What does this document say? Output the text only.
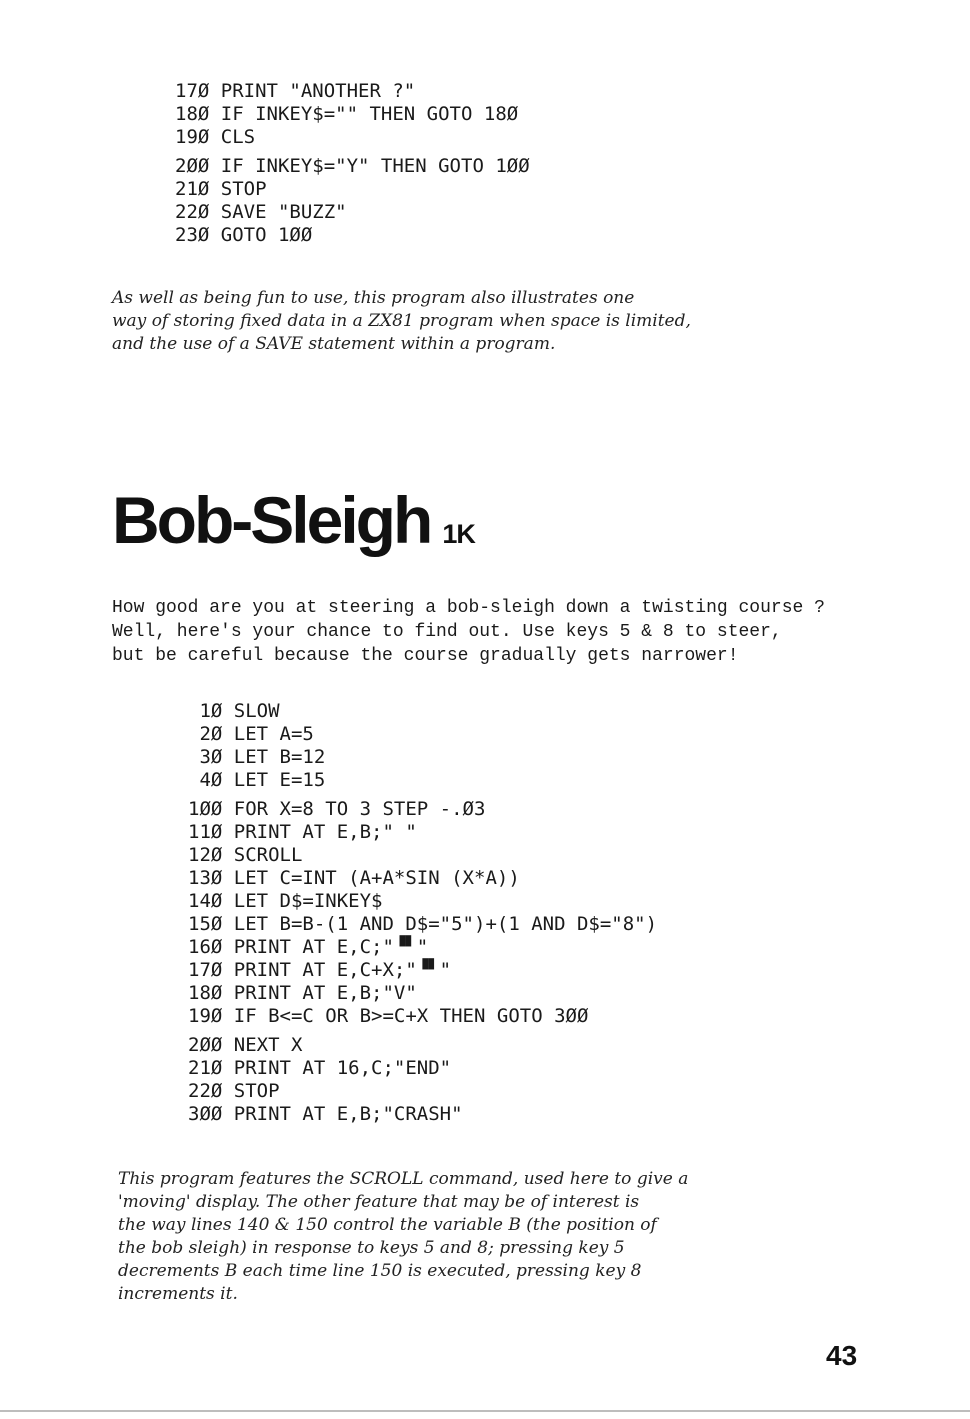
17Ø PRINT "ANOTHER ?"
18Ø IF INKEY$="" THEN GOTO 18Ø
19Ø CLS
2ØØ IF INKEY$="Y" THEN GOTO 1ØØ
21Ø STOP
22Ø SAVE "BUZZ"
23Ø GOTO 1ØØ
As well as being fun to use, this program also illustrates one
way of storing fixed data in a ZX81 program when space is limited,
and the use of a SAVE statement within a program.
Bob-Sleigh 1K
How good are you at steering a bob-sleigh down a twisting course ?
Well, here's your chance to find out. Use keys 5 & 8 to steer,
but be careful because the course gradually gets narrower!
1Ø SLOW
2Ø LET A=5
3Ø LET B=12
4Ø LET E=15
1ØØ FOR X=8 TO 3 STEP -.Ø3
11Ø PRINT AT E,B;" "
12Ø SCROLL
13Ø LET C=INT (A+A*SIN (X*A))
14Ø LET D$=INKEY$
15Ø LET B=B-(1 AND D$="5")+(1 AND D$="8")
16Ø PRINT AT E,C;"▝▘"
17Ø PRINT AT E,C+X;"▝▘"
18Ø PRINT AT E,B;"V"
19Ø IF B<=C OR B>=C+X THEN GOTO 3ØØ
2ØØ NEXT X
21Ø PRINT AT 16,C;"END"
22Ø STOP
3ØØ PRINT AT E,B;"CRASH"
This program features the SCROLL command, used here to give a
'moving' display. The other feature that may be of interest is
the way lines 140 & 150 control the variable B (the position of
the bob sleigh) in response to keys 5 and 8; pressing key 5
decrements B each time line 150 is executed, pressing key 8
increments it.
43
